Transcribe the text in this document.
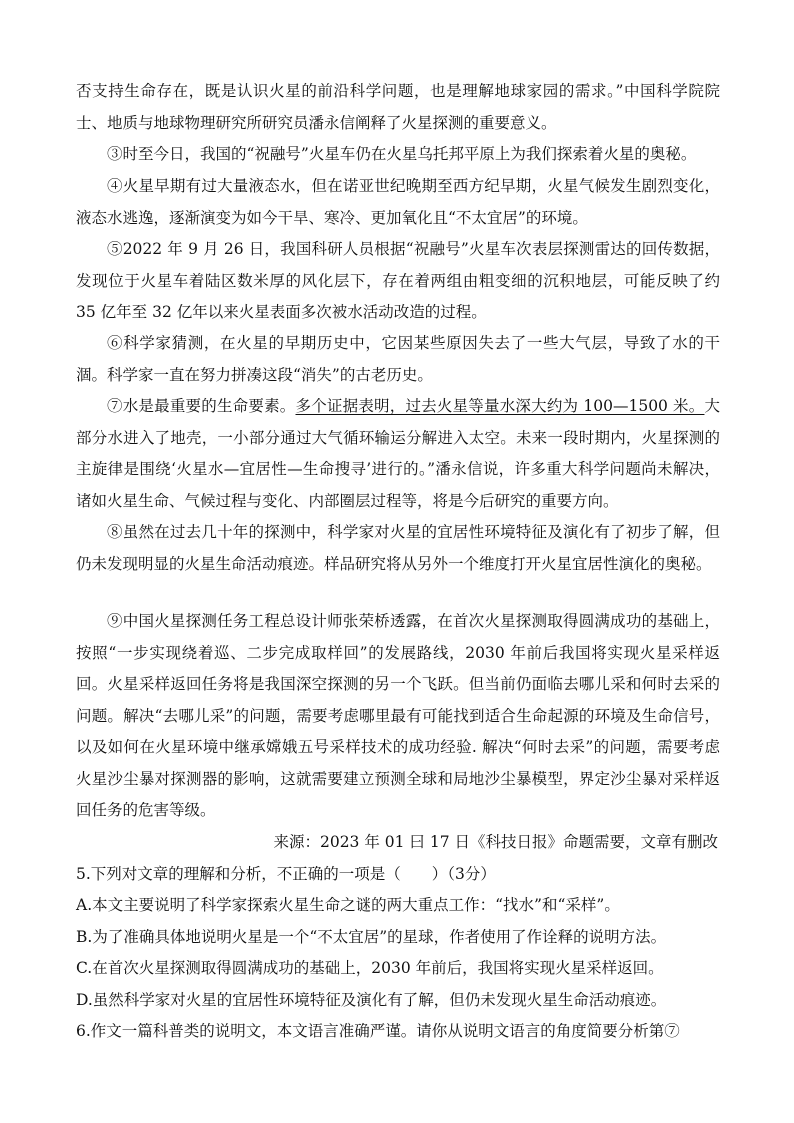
否支持生命存在，既是认识火星的前沿科学问题，也是理解地球家园的需求。”中国科学院院士、地质与地球物理研究所研究员潘永信阐释了火星探测的重要意义。

③时至今日，我国的“祝融号”火星车仍在火星乌托邦平原上为我们探索着火星的奥秘。

④火星早期有过大量液态水，但在诺亚世纪晚期至西方纪早期，火星气候发生剧烈变化，液态水逃逸，逐渐演变为如今干旱、寒冷、更加氧化且“不太宜居”的环境。

⑤2022 年 9 月 26 日，我国科研人员根据“祝融号”火星车次表层探测雷达的回传数据，发现位于火星车着陆区数米厚的风化层下，存在着两组由粗变细的沉积地层，可能反映了约 35 亿年至 32 亿年以来火星表面多次被水活动改造的过程。

⑥科学家猜测，在火星的早期历史中，它因某些原因失去了一些大气层，导致了水的干涸。科学家一直在努力拼凑这段“消失”的古老历史。

⑦水是最重要的生命要素。多个证据表明，过去火星等量水深大约为 100—1500 米。大部分水进入了地壳，一小部分通过大气循环输运分解进入太空。未来一段时期内，火星探测的主旋律是围绕‘火星水—宜居性—生命搜寻’进行的。”潘永信说，许多重大科学问题尚未解决，诸如火星生命、气候过程与变化、内部圈层过程等，将是今后研究的重要方向。

⑧虽然在过去几十年的探测中，科学家对火星的宜居性环境特征及演化有了初步了解，但仍未发现明显的火星生命活动痕迹。样品研究将从另外一个维度打开火星宜居性演化的奥秘。

⑨中国火星探测任务工程总设计师张荣桥透露，在首次火星探测取得圆满成功的基础上，按照“一步实现绕着巡、二步完成取样回”的发展路线，2030 年前后我国将实现火星采样返回。火星采样返回任务将是我国深空探测的另一个飞跃。但当前仍面临去哪儿采和何时去采的问题。解决“去哪儿采”的问题，需要考虑哪里最有可能找到适合生命起源的环境及生命信号，以及如何在火星环境中继承嫦娥五号采样技术的成功经验. 解决“何时去采”的问题，需要考虑火星沙尘暴对探测器的影响，这就需要建立预测全球和局地沙尘暴模型，界定沙尘暴对采样返回任务的危害等级。

来源：2023 年 01 曰 17 日《科技日报》命题需要，文章有删改

5.下列对文章的理解和分析，不正确的一项是（　　）（3分）

A.本文主要说明了科学家探索火星生命之谜的两大重点工作：“找水”和“采样”。

B.为了准确具体地说明火星是一个“不太宜居”的星球，作者使用了作诠释的说明方法。

C.在首次火星探测取得圆满成功的基础上，2030 年前后，我国将实现火星采样返回。

D.虽然科学家对火星的宜居性环境特征及演化有了解，但仍未发现火星生命活动痕迹。

6.作文一篇科普类的说明文，本文语言准确严谨。请你从说明文语言的角度简要分析第⑦
